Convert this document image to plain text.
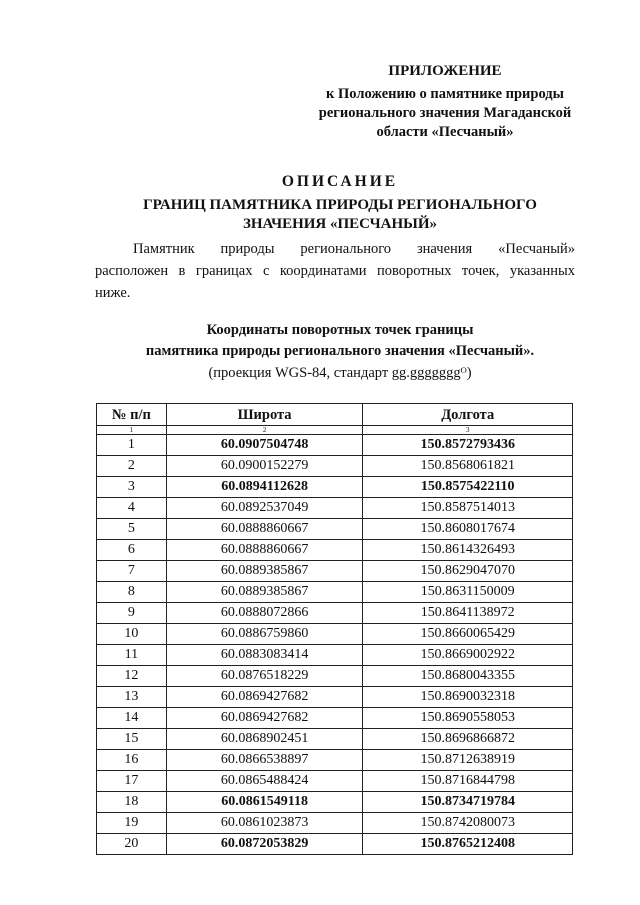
ПРИЛОЖЕНИЕ
к Положению о памятнике природы
регионального значения Магаданской
области «Песчаный»
ОПИСАНИЕ
ГРАНИЦ ПАМЯТНИКА ПРИРОДЫ РЕГИОНАЛЬНОГО
ЗНАЧЕНИЯ «ПЕСЧАНЫЙ»
Памятник природы регионального значения «Песчаный»
расположен в границах с координатами поворотных точек, указанных
ниже.
Координаты поворотных точек границы
памятника природы регионального значения «Песчаный».
(проекция WGS-84, стандарт gg.gggggggᴼ)
№ п/п	Широта	Долгота
1	2	3
1	60.0907504748	150.8572793436
2	60.0900152279	150.8568061821
3	60.0894112628	150.8575422110
4	60.0892537049	150.8587514013
5	60.0888860667	150.8608017674
6	60.0888860667	150.8614326493
7	60.0889385867	150.8629047070
8	60.0889385867	150.8631150009
9	60.0888072866	150.8641138972
10	60.0886759860	150.8660065429
11	60.0883083414	150.8669002922
12	60.0876518229	150.8680043355
13	60.0869427682	150.8690032318
14	60.0869427682	150.8690558053
15	60.0868902451	150.8696866872
16	60.0866538897	150.8712638919
17	60.0865488424	150.8716844798
18	60.0861549118	150.8734719784
19	60.0861023873	150.8742080073
20	60.0872053829	150.8765212408
